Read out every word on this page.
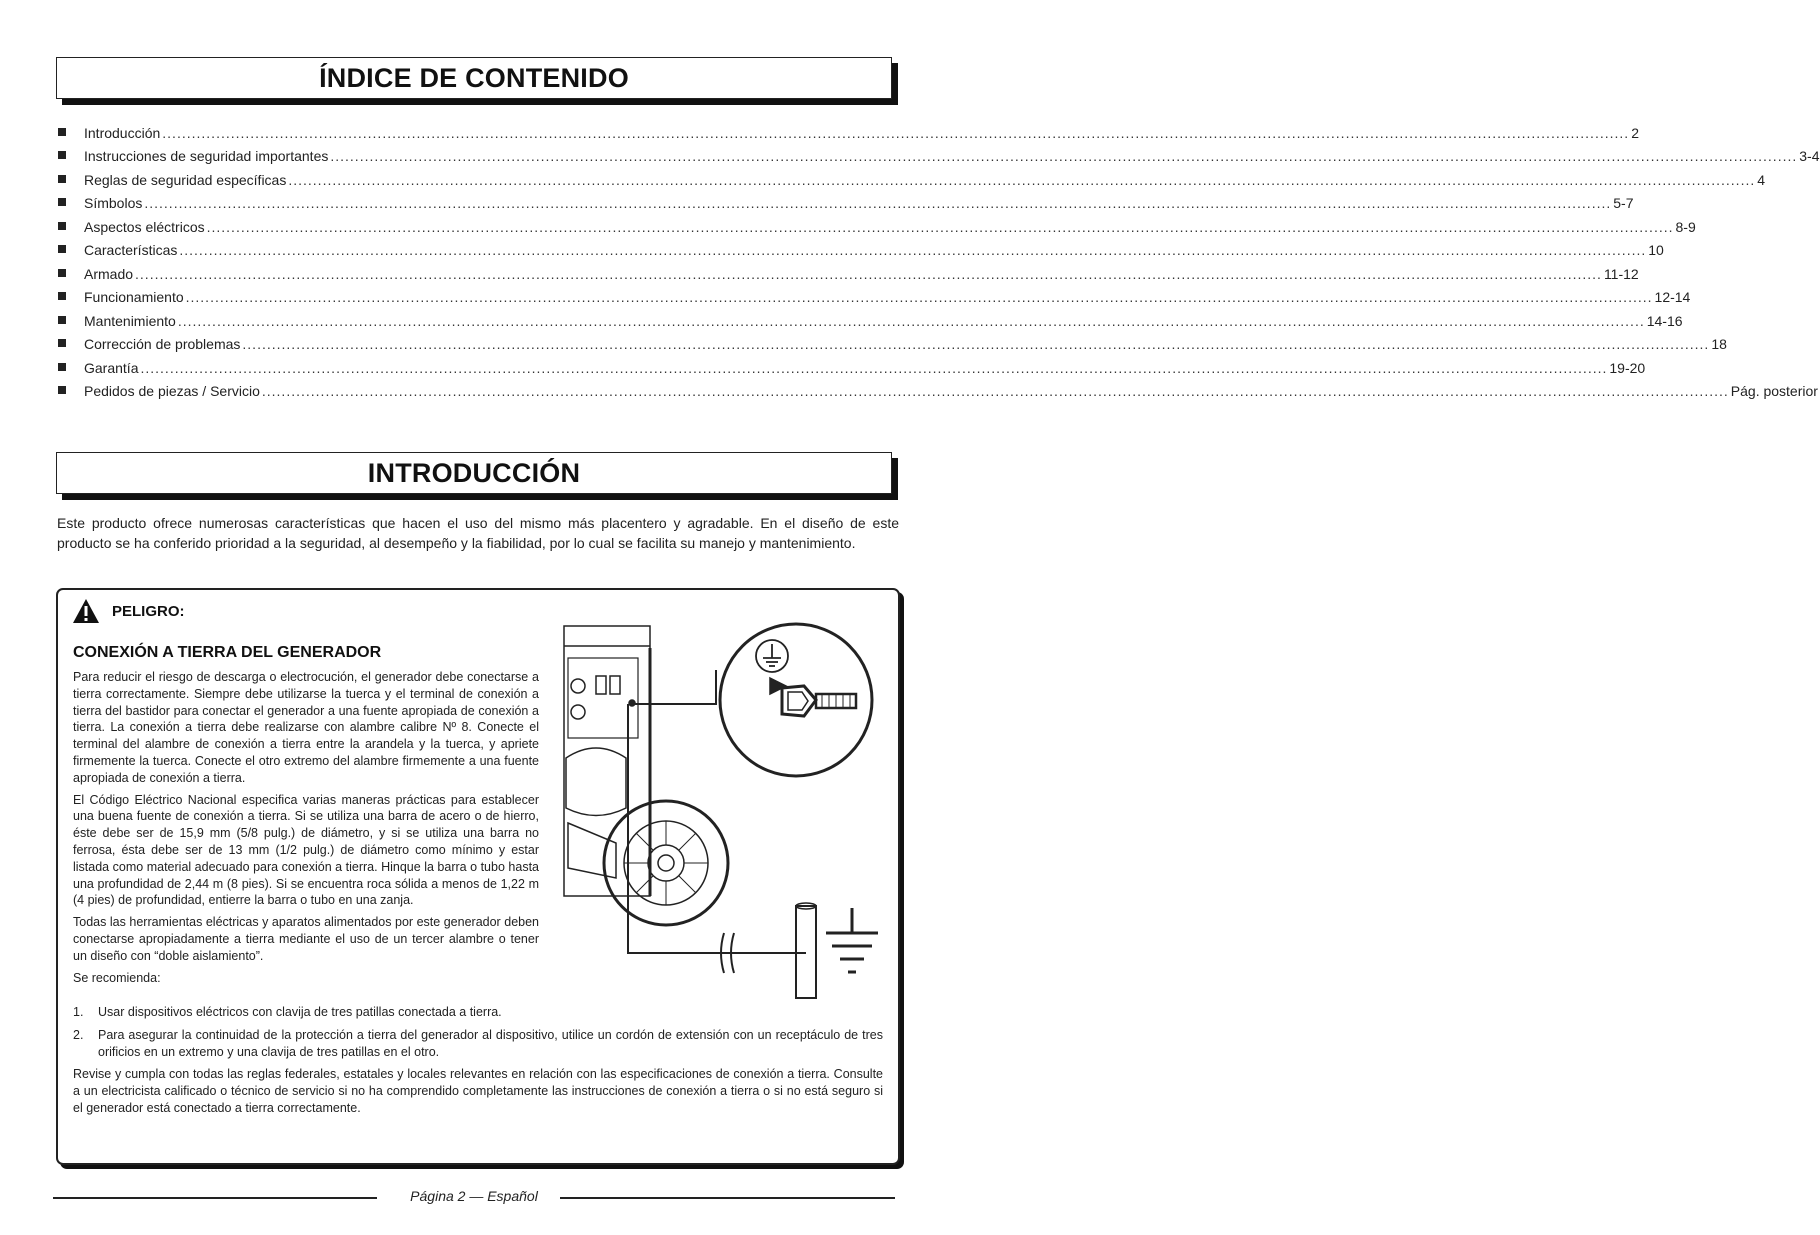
ÍNDICE DE CONTENIDO
Introducción ............................................................................................................................................................................................................................................................................................................ 2
Instrucciones de seguridad importantes ............................................................................................................................................................................................................................................................................................................ 3-4
Reglas de seguridad específicas ............................................................................................................................................................................................................................................................................................................ 4
Símbolos ............................................................................................................................................................................................................................................................................................................ 5-7
Aspectos eléctricos ............................................................................................................................................................................................................................................................................................................ 8-9
Características ............................................................................................................................................................................................................................................................................................................ 10
Armado ............................................................................................................................................................................................................................................................................................................ 11-12
Funcionamiento ............................................................................................................................................................................................................................................................................................................ 12-14
Mantenimiento ............................................................................................................................................................................................................................................................................................................ 14-16
Corrección de problemas ............................................................................................................................................................................................................................................................................................................ 18
Garantía ............................................................................................................................................................................................................................................................................................................ 19-20
Pedidos de piezas / Servicio ............................................................................................................................................................................................................................................................................................................ Pág. posterior
INTRODUCCIÓN
Este producto ofrece numerosas características que hacen el uso del mismo más placentero y agradable. En el diseño de este producto se ha conferido prioridad a la seguridad, al desempeño y la fiabilidad, por lo cual se facilita su manejo y mantenimiento.
PELIGRO:
CONEXIÓN A TIERRA DEL GENERADOR

Para reducir el riesgo de descarga o electrocución, el generador debe conectarse a tierra correctamente. Siempre debe utilizarse la tuerca y el terminal de conexión a tierra del bastidor para conectar el generador a una fuente apropiada de conexión a tierra. La conexión a tierra debe realizarse con alambre calibre Nº 8. Conecte el terminal del alambre de conexión a tierra entre la arandela y la tuerca, y apriete firmemente la tuerca. Conecte el otro extremo del alambre firmemente a una fuente apropiada de conexión a tierra.

El Código Eléctrico Nacional especifica varias maneras prácticas para establecer una buena fuente de conexión a tierra. Si se utiliza una barra de acero o de hierro, éste debe ser de 15,9 mm (5/8 pulg.) de diámetro, y si se utiliza una barra no ferrosa, ésta debe ser de 13 mm (1/2 pulg.) de diámetro como mínimo y estar listada como material adecuado para conexión a tierra. Hinque la barra o tubo hasta una profundidad de 2,44 m (8 pies). Si se encuentra roca sólida a menos de 1,22 m (4 pies) de profundidad, entierre la barra o tubo en una zanja.

Todas las herramientas eléctricas y aparatos alimentados por este generador deben conectarse apropiadamente a tierra mediante el uso de un tercer alambre o tener un diseño con “doble aislamiento”.

Se recomienda:

1.	Usar dispositivos eléctricos con clavija de tres patillas conectada a tierra.
2.	Para asegurar la continuidad de la protección a tierra del generador al dispositivo, utilice un cordón de extensión con un receptáculo de tres orificios en un extremo y una clavija de tres patillas en el otro.

Revise y cumpla con todas las reglas federales, estatales y locales relevantes en relación con las especificaciones de conexión a tierra. Consulte a un electricista calificado o técnico de servicio si no ha comprendido completamente las instrucciones de conexión a tierra o si no está seguro si el generador está conectado a tierra correctamente.

Página 2 — Español
